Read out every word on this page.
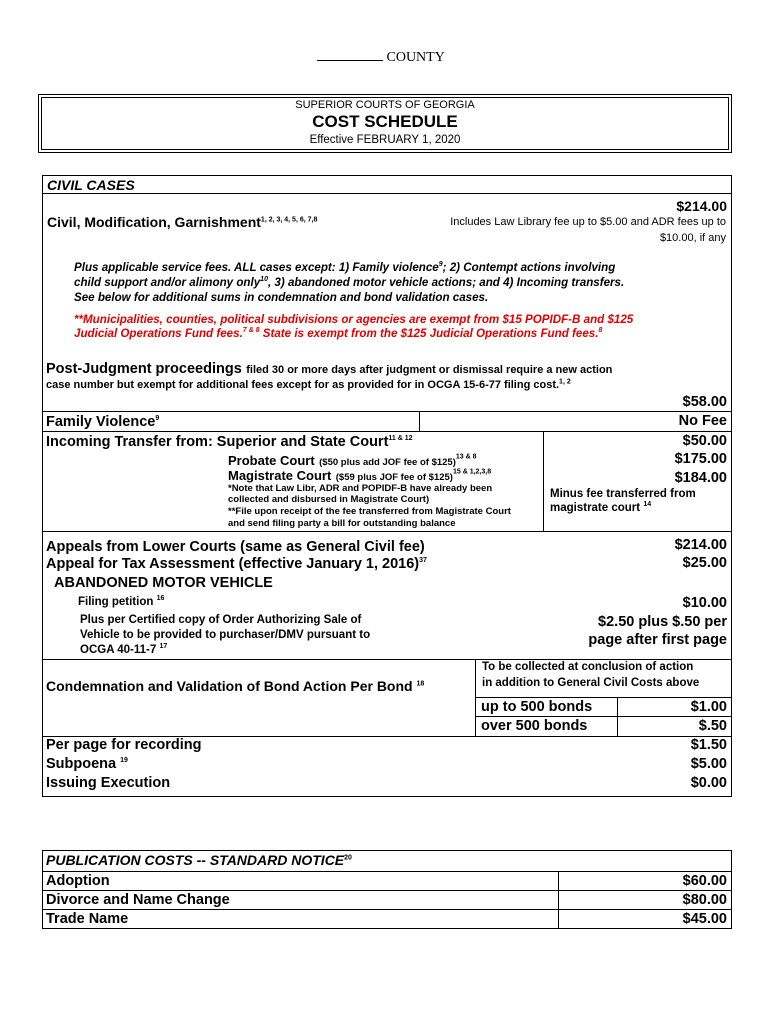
COUNTY
SUPERIOR COURTS OF GEORGIA
COST SCHEDULE
Effective FEBRUARY 1, 2020
CIVIL CASES
Civil, Modification, Garnishment$^{1, 2, 3, 4, 5, 6, 7,8}$
$214.00
Includes Law Library fee up to $5.00 and ADR fees up to
$10.00, if any
Plus applicable service fees. ALL cases except: 1) Family violence$^9$; 2) Contempt actions involving
child support and/or alimony only$^{10}$, 3) abandoned motor vehicle actions; and 4) Incoming transfers.
See below for additional sums in condemnation and bond validation cases.
**Municipalities, counties, political subdivisions or agencies are exempt from $15 POPIDF-B and $125
Judicial Operations Fund fees.$^{7 \& 8}$ State is exempt from the $125 Judicial Operations Fund fees.$^8$
Post-Judgment proceedings filed 30 or more days after judgment or dismissal require a new action
case number but exempt for additional fees except for as provided for in OCGA 15-6-77 filing cost.$^{1, 2}$
$58.00
Family Violence$^9$	No Fee
Incoming Transfer from: Superior and State Court$^{11 \& 12}$	$50.00
Probate Court ($50 plus add JOF fee of $125)$^{13 \& 8}$	$175.00
Magistrate Court ($59 plus JOF fee of $125)$^{15 \& 1,2,3,8}$	$184.00
*Note that Law Libr, ADR and POPIDF-B have already been
collected and disbursed in Magistrate Court)
**File upon receipt of the fee transferred from Magistrate Court
and send filing party a bill for outstanding balance
Minus fee transferred from
magistrate court $^{14}$
Appeals from Lower Courts (same as General Civil fee)	$214.00
Appeal for Tax Assessment (effective January 1, 2016)$^{37}$	$25.00
ABANDONED MOTOR VEHICLE
Filing petition $^{16}$	$10.00
Plus per Certified copy of Order Authorizing Sale of
Vehicle to be provided to purchaser/DMV pursuant to
OCGA 40-11-7 $^{17}$
$2.50 plus $.50 per
page after first page
Condemnation and Validation of Bond Action Per Bond $^{18}$
To be collected at conclusion of action
in addition to General Civil Costs above
up to 500 bonds	$1.00
over 500 bonds	$.50
Per page for recording	$1.50
Subpoena $^{19}$	$5.00
Issuing Execution	$0.00
PUBLICATION COSTS -- STANDARD NOTICE$^{20}$
Adoption	$60.00
Divorce and Name Change	$80.00
Trade Name	$45.00
